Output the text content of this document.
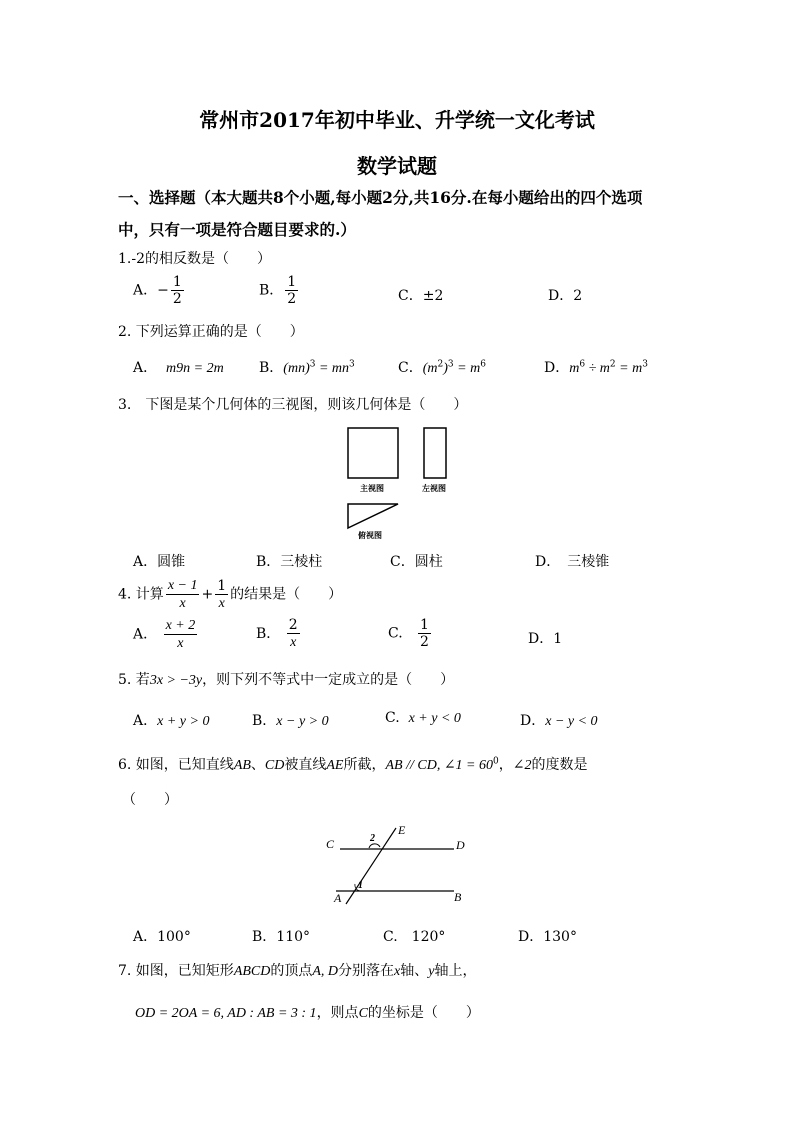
常州市2017年初中毕业、升学统一文化考试
数学试题
一、选择题（本大题共8个小题,每小题2分,共16分.在每小题给出的四个选项
中，只有一项是符合题目要求的.）
1.-2的相反数是（　　）
A．− $\frac{1}{2}$	B． $\frac{1}{2}$	C．±2	D．2
2. 下列运算正确的是（　　）
A． m9n = 2m	B．$(mn)^3 = mn^3$	C．$(m^2)^3 = m^6$	D．$m^6 \div m^2 = m^3$
3.　下图是某个几何体的三视图，则该几何体是（　　）
主视图	左视图
俯视图
A．圆锥	B．三棱柱	C．圆柱	D．　三棱锥
4. 计算 $\frac{x - 1}{x} + \frac{1}{x}$ 的结果是（　　）
A． $\frac{x + 2}{x}$	B． $\frac{2}{x}$	C. $\frac{1}{2}$	D．1
5. 若3x > −3y，则下列不等式中一定成立的是（　　）
A．x + y > 0	B．x − y > 0	C. x + y < 0	D．x − y < 0
6. 如图，已知直线AB、CD被直线AE所截，AB // CD, ∠1 = $60^0$，∠2的度数是
（　　）
C	D
E
A	B
1
2
A．100°	B．110°	C.　120°	D．130°
7. 如图，已知矩形ABCD的顶点A, D分别落在x轴、y轴上，
OD = 2OA = 6, AD : AB = 3 : 1，则点C的坐标是（　　）
